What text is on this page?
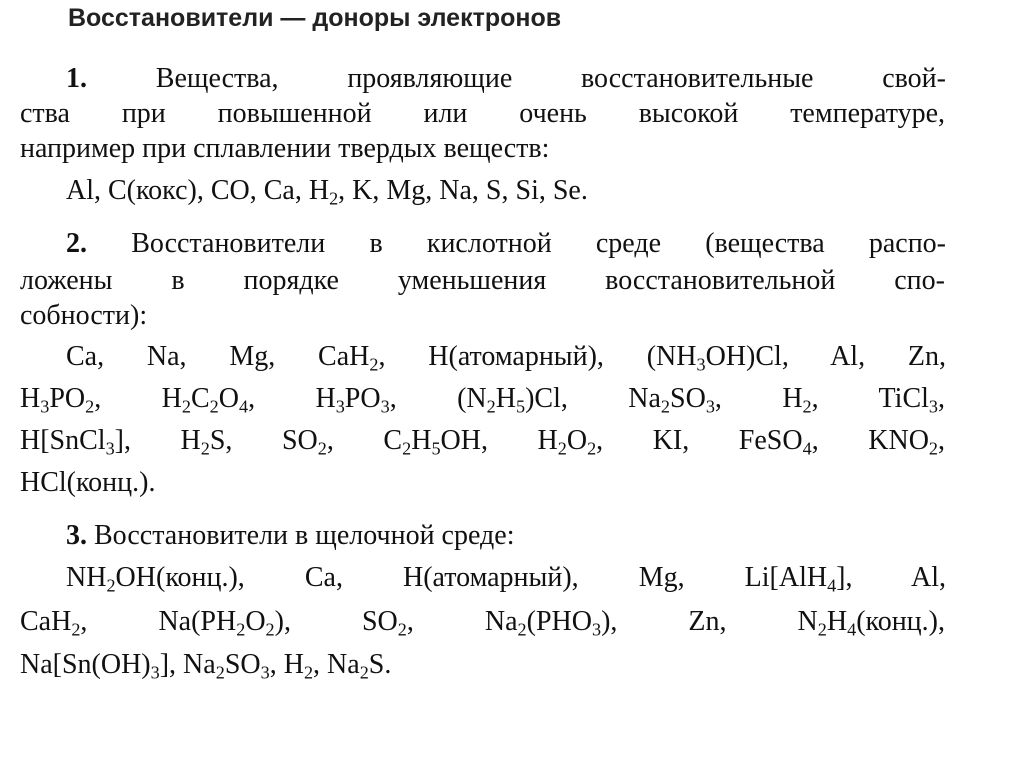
Восстановители — доноры электронов
1. Вещества, проявляющие восстановительные свой-
ства при повышенной или очень высокой температуре,
например при сплавлении твердых веществ:
Al, C(кокс), CO, Ca, $H_2$, K, Mg, Na, S, Si, Se.
2. Восстановители в кислотной среде (вещества распо-
ложены в порядке уменьшения восстановительной спо-
собности):
Ca, Na, Mg, CaH$_2$, H(атомарный), $(NH_3OH)Cl$, Al, Zn,
$H_3PO_2$, $H_2C_2O_4$, $H_3PO_3$, $(N_2H_5)Cl$, $Na_2SO_3$, $H_2$, TiCl$_3$,
H[SnCl$_3$], $H_2S$, $SO_2$, $C_2H_5OH$, $H_2O_2$, KI, FeSO$_4$, $KNO_2$,
HCl(конц.).
3. Восстановители в щелочной среде:
$NH_2OH(конц.)$, Ca, H(атомарный), Mg, Li[AlH$_4$], Al,
CaH$_2$, $Na(PH_2O_2)$, $SO_2$, $Na_2(PHO_3)$, Zn, $N_2H_4(конц.)$,
$Na[Sn(OH)_3]$, $Na_2SO_3$, $H_2$, $Na_2S$.
